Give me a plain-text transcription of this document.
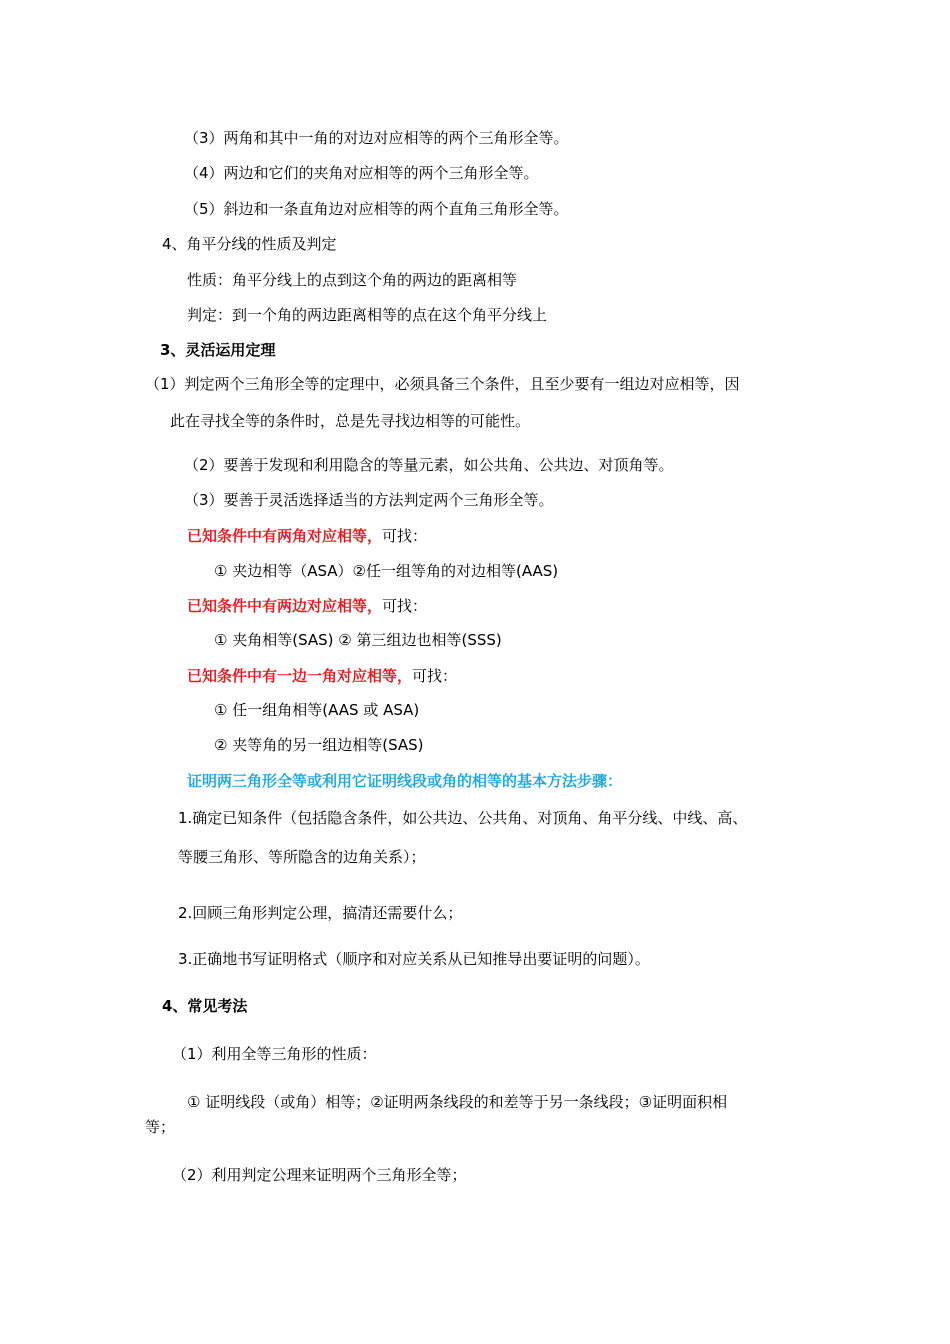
（3）两角和其中一角的对边对应相等的两个三角形全等。
（4）两边和它们的夹角对应相等的两个三角形全等。
（5）斜边和一条直角边对应相等的两个直角三角形全等。
4、角平分线的性质及判定
性质：角平分线上的点到这个角的两边的距离相等
判定：到一个角的两边距离相等的点在这个角平分线上
3、灵活运用定理
（1）判定两个三角形全等的定理中，必须具备三个条件，且至少要有一组边对应相等，因
此在寻找全等的条件时，总是先寻找边相等的可能性。
（2）要善于发现和利用隐含的等量元素，如公共角、公共边、对顶角等。
（3）要善于灵活选择适当的方法判定两个三角形全等。
已知条件中有两角对应相等，可找：
① 夹边相等（ASA）②任一组等角的对边相等(AAS)
已知条件中有两边对应相等，可找：
① 夹角相等(SAS) ② 第三组边也相等(SSS)
已知条件中有一边一角对应相等，可找：
① 任一组角相等(AAS 或 ASA)
② 夹等角的另一组边相等(SAS)
证明两三角形全等或利用它证明线段或角的相等的基本方法步骤：
1.确定已知条件（包括隐含条件，如公共边、公共角、对顶角、角平分线、中线、高、
等腰三角形、等所隐含的边角关系）；
2.回顾三角形判定公理，搞清还需要什么；
3.正确地书写证明格式（顺序和对应关系从已知推导出要证明的问题）。
4、常见考法
（1）利用全等三角形的性质：
① 证明线段（或角）相等；②证明两条线段的和差等于另一条线段；③证明面积相
等；
（2）利用判定公理来证明两个三角形全等；
